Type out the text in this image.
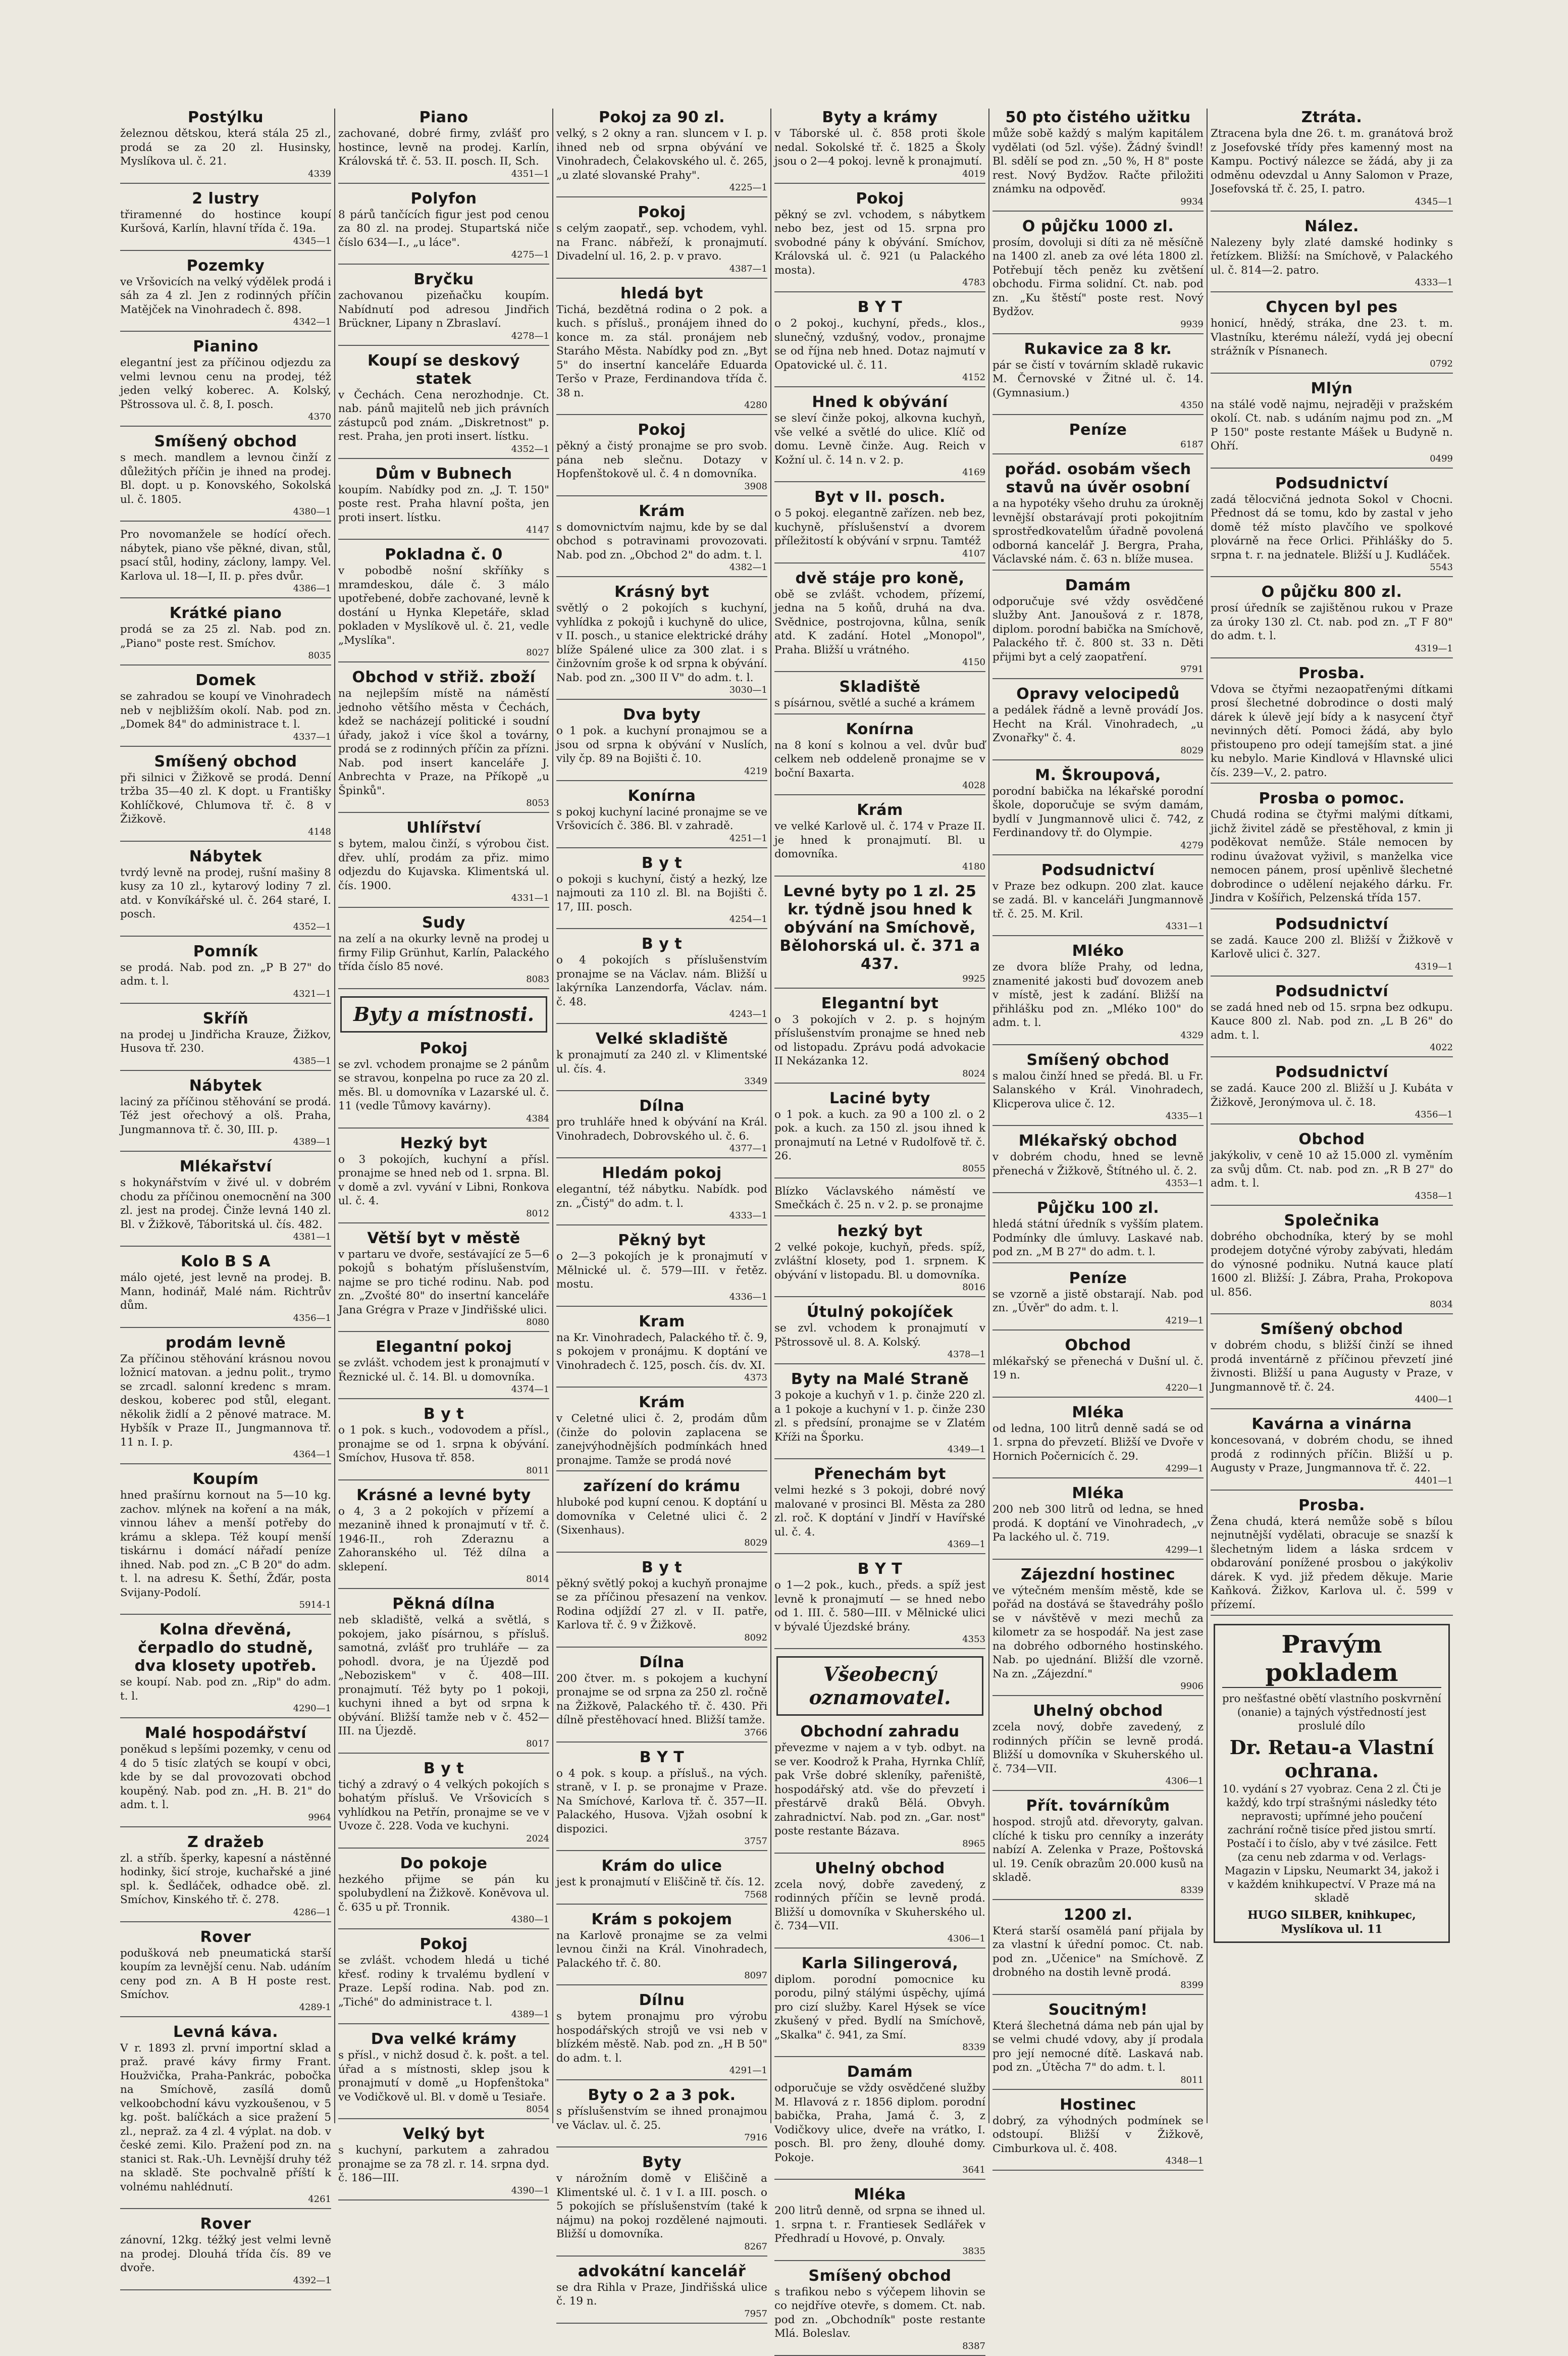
Postýlku
železnou dětskou, která stála 25 zl., prodá se za 20 zl. Husinsky, Myslíkova ul. č. 21.
4339
2 lustry
třiramenné do hostince koupí Kuršová, Karlín, hlavní třída č. 19a.
4345—1
Pozemky
ve Vršovicích na velký výdělek prodá i sáh za 4 zl. Jen z rodinných příčin Matějček na Vinohradech č. 898.
4342—1
Pianino
elegantní jest za příčinou odjezdu za velmi levnou cenu na prodej, též jeden velký koberec. A. Kolský, Pštrossova ul. č. 8, I. posch.
4370
Smíšený obchod
s mech. mandlem a levnou činží z důležitých příčin je ihned na prodej. Bl. dopt. u p. Konovského, Sokolská ul. č. 1805.
4380—1
Pro novomanžele se hodící ořech. nábytek, piano vše pěkné, divan, stůl, psací stůl, hodiny, záclony, lampy. Vel. Karlova ul. 18—I, II. p. přes dvůr.
4386—1
Krátké piano
prodá se za 25 zl. Nab. pod zn. „Piano" poste rest. Smíchov.
8035
Domek
se zahradou se koupí ve Vinohradech neb v nejbližším okolí. Nab. pod zn. „Domek 84" do administrace t. l.
4337—1
Smíšený obchod
při silnici v Žižkově se prodá. Denní tržba 35—40 zl. K dopt. u Františky Kohlíčkové, Chlumova tř. č. 8 v Žižkově.
4148
Nábytek
tvrdý levně na prodej, rušní mašiny 8 kusy za 10 zl., kytarový lodiny 7 zl. atd. v Konvíkářské ul. č. 264 staré, I. posch.
4352—1
Pomník
se prodá. Nab. pod zn. „P B 27" do adm. t. l.
4321—1
Skříň
na prodej u Jindřicha Krauze, Žižkov, Husova tř. 230.
4385—1
Nábytek
laciný za příčinou stěhování se prodá. Též jest ořechový a olš. Praha, Jungmannova tř. č. 30, III. p.
4389—1
Mlékařství
s hokynářstvím v živé ul. v dobrém chodu za příčinou onemocnění na 300 zl. jest na prodej. Činže levná 140 zl. Bl. v Žižkově, Táboritská ul. čís. 482.
4381—1
Kolo B S A
málo ojeté, jest levně na prodej. B. Mann, hodinář, Malé nám. Richtrův dům.
4356—1
prodám levně
Za příčinou stěhování krásnou novou ložnicí matovan. a jednu polit., trymo se zrcadl. salonní kredenc s mram. deskou, koberec pod stůl, elegant. několik židlí a 2 pěnové matrace. M. Hybšík v Praze II., Jungmannova tř. 11 n. I. p.
4364—1
Koupím
hned prašírnu kornout na 5—10 kg. zachov. mlýnek na koření a na mák, vinnou láhev a menší potřeby do krámu a sklepa. Též koupí menší tiskárnu i domácí nářadí peníze ihned. Nab. pod zn. „C B 20" do adm. t. l. na adresu K. Šethí, Žďár, posta Svijany-Podolí.
5914-1
Kolna dřevěná, čerpadlo do studně, dva klosety upotřeb.
se koupí. Nab. pod zn. „Rip" do adm. t. l.
4290—1
Malé hospodářství
poněkud s lepšími pozemky, v cenu od 4 do 5 tisíc zlatých se koupí v obci, kde by se dal provozovati obchod koupěný. Nab. pod zn. „H. B. 21" do adm. t. l.
9964
Z dražeb
zl. a stříb. šperky, kapesní a nástěnné hodinky, šicí stroje, kuchařské a jiné spl. k. Šedláček, odhadce obě. zl. Smíchov, Kinského tř. č. 278.
4286—1
Rover
podušková neb pneumatická starší koupím za levnější cenu. Nab. udáním ceny pod zn. A B H poste rest. Smíchov.
4289-1
Levná káva.
V r. 1893 zl. první importní sklad a praž. pravé kávy firmy Frant. Houžvička, Praha-Pankrác, pobočka na Smíchově, zasílá domů velkoobchodní kávu vyzkoušenou, v 5 kg. pošt. balíčkách a sice pražení 5 zl., nepraž. za 4 zl. 4 výplat. na dob. v české zemi. Kilo. Pražení pod zn. na stanici st. Rak.-Uh. Levnější druhy též na skladě. Ste pochvalně příští k volnému nahlédnutí.
4261
Rover
zánovní, 12kg. téžký jest velmi levně na prodej. Dlouhá třída čís. 89 ve dvoře.
4392—1
Piano
zachované, dobré firmy, zvlášť pro hostince, levně na prodej. Karlín, Královská tř. č. 53. II. posch. II, Sch.
4351—1
Polyfon
8 párů tančících figur jest pod cenou za 80 zl. na prodej. Stupartská niče číslo 634—I., „u láce".
4275—1
Bryčku
zachovanou pizeňačku koupím. Nabídnutí pod adresou Jindřich Brückner, Lipany n Zbraslaví.
4278—1
Koupí se deskový statek
v Čechách. Cena nerozhodnje. Ct. nab. pánů majitelů neb jich právních zástupců pod znám. „Diskretnost" p. rest. Praha, jen proti insert. lístku.
4352—1
Dům v Bubnech
koupím. Nabídky pod zn. „J. T. 150" poste rest. Praha hlavní pošta, jen proti insert. lístku.
4147
Pokladna č. 0
v pobodbě nošní skříňky s mramdeskou, dále č. 3 málo upotřebené, dobře zachované, levně k dostání u Hynka Klepetáře, sklad pokladen v Myslíkově ul. č. 21, vedle „Myslíka".
8027
Obchod v střiž. zboží
na nejlepším místě na náměstí jednoho většího města v Čechách, kdež se nacházejí politické i soudní úřady, jakož i více škol a továrny, prodá se z rodinných příčin za přízni. Nab. pod insert kanceláře J. Anbrechta v Praze, na Příkopě „u Špinků".
8053
Uhlířství
s bytem, malou činží, s výrobou čist. dřev. uhlí, prodám za přiz. mimo odjezdu do Kujavska. Klimentská ul. čís. 1900.
4331—1
Sudy
na zelí a na okurky levně na prodej u firmy Filip Grünhut, Karlín, Palackého třída číslo 85 nové.
8083
Byty a místnosti.
Pokoj
se zvl. vchodem pronajme se 2 pánům se stravou, konpelna po ruce za 20 zl. měs. Bl. u domovníka v Lazarské ul. č. 11 (vedle Tůmovy kavárny).
4384
Hezký byt
o 3 pokojích, kuchyní a přísl. pronajme se hned neb od 1. srpna. Bl. v domě a zvl. vyvání v Libni, Ronkova ul. č. 4.
8012
Větší byt v městě
v partaru ve dvoře, sestávající ze 5—6 pokojů s bohatým příslušenstvím, najme se pro tiché rodinu. Nab. pod zn. „Zvošté 80" do insertní kanceláře Jana Grégra v Praze v Jindřišské ulici.
8080
Elegantní pokoj
se zvlášt. vchodem jest k pronajmutí v Řeznické ul. č. 14. Bl. u domovníka.
4374—1
B y t
o 1 pok. s kuch., vodovodem a přísl., pronajme se od 1. srpna k obývání. Smíchov, Husova tř. 858.
8011
Krásné a levné byty
o 4, 3 a 2 pokojích v přízemí a mezanině ihned k pronajmutí v tř. č. 1946-II., roh Zderaznu a Zahoranského ul. Též dílna a sklepení.
8014
Pěkná dílna
neb skladiště, velká a světlá, s pokojem, jako písárnou, s přísluš. samotná, zvlášť pro truhláře — za pohodl. dvora, je na Újezdě pod „Neboziskem" v č. 408—III. pronajmutí. Též byty po 1 pokoji, kuchyni ihned a byt od srpna k obývání. Bližší tamže neb v č. 452—III. na Újezdě.
8017
B y t
tichý a zdravý o 4 velkých pokojích s bohatým přísluš. Ve Vršovicích s vyhlídkou na Petřín, pronajme se ve v Uvoze č. 228. Voda ve kuchyni.
2024
Do pokoje
hezkého přijme se pán ku spolubydlení na Žižkově. Koněvova ul. č. 635 u př. Tronnik.
4380—1
Pokoj
se zvlášt. vchodem hledá u tiché křesť. rodiny k trvalému bydlení v Praze. Lepší rodina. Nab. pod zn. „Tiché" do administrace t. l.
4389—1
Dva velké krámy
s přísl., v nichž dosud č. k. pošt. a tel. úřad a s místnosti, sklep jsou k pronajmutí v domě „u Hopfenštoka" ve Vodičkově ul. Bl. v domě u Tesiaře.
8054
Velký byt
s kuchyní, parkutem a zahradou pronajme se za 78 zl. r. 14. srpna dyd. č. 186—III.
4390—1
Pokoj za 90 zl.
velký, s 2 okny a ran. sluncem v I. p. ihned neb od srpna obývání ve Vinohradech, Čelakovského ul. č. 265, „u zlaté slovanské Prahy".
4225—1
Pokoj
s celým zaopatř., sep. vchodem, vyhl. na Franc. nábřeží, k pronajmutí. Divadelní ul. 16, 2. p. v pravo.
4387—1
hledá byt
Tichá, bezdětná rodina o 2 pok. a kuch. s přísluš., pronájem ihned do konce m. za stál. pronájem neb Staráho Města. Nabídky pod zn. „Byt 5" do insertní kanceláře Eduarda Teršo v Praze, Ferdinandova třída č. 38 n.
4280
Pokoj
pěkný a čistý pronajme se pro svob. pána neb slečnu. Dotazy v Hopfenštokově ul. č. 4 n domovníka.
3908
Krám
s domovnictvím najmu, kde by se dal obchod s potravinami provozovati. Nab. pod zn. „Obchod 2" do adm. t. l.
4382—1
Krásný byt
světlý o 2 pokojích s kuchyní, vyhlídka z pokojů i kuchyně do ulice, v II. posch., u stanice elektrické dráhy blíže Spálené ulice za 300 zlat. i s činžovním groše k od srpna k obývání. Nab. pod zn. „300 II V" do adm. t. l.
3030—1
Dva byty
o 1 pok. a kuchyní pronajmou se a jsou od srpna k obývání v Nuslích, vily čp. 89 na Bojišti č. 10.
4219
Konírna
s pokoj kuchyní laciné pronajme se ve Vršovicích č. 386. Bl. v zahradě.
4251—1
B y t
o pokoji s kuchyní, čistý a hezký, lze najmouti za 110 zl. Bl. na Bojišti č. 17, III. posch.
4254—1
B y t
o 4 pokojích s příslušenstvím pronajme se na Václav. nám. Bližší u lakýrníka Lanzendorfa, Václav. nám. č. 48.
4243—1
Velké skladiště
k pronajmutí za 240 zl. v Klimentské ul. čís. 4.
3349
Dílna
pro truhláře hned k obývání na Král. Vinohradech, Dobrovského ul. č. 6.
4377—1
Hledám pokoj
elegantní, též nábytku. Nabídk. pod zn. „Čistý" do adm. t. l.
4333—1
Pěkný byt
o 2—3 pokojích je k pronajmutí v Mělnické ul. č. 579—III. v řetěz. mostu.
4336—1
Kram
na Kr. Vinohradech, Palackého tř. č. 9, s pokojem v pronájmu. K doptání ve Vinohradech č. 125, posch. čís. dv. XI.
4373
Krám
v Celetné ulici č. 2, prodám dům (činže do polovin zaplacena se zanejvýhodnějších podmínkách hned pronajme. Tamže se prodá nové
zařízení do krámu
hluboké pod kupní cenou. K doptání u domovníka v Celetné ulici č. 2 (Sixenhaus).
8029
B y t
pěkný světlý pokoj a kuchyň pronajme se za příčinou přesazení na venkov. Rodina odjíždí 27 zl. v II. patře, Karlova tř. č. 9 v Žižkově.
8092
Dílna
200 čtver. m. s pokojem a kuchyní pronajme se od srpna za 250 zl. ročně na Žižkově, Palackého tř. č. 430. Při dílně přestěhovací hned. Bližší tamže.
3766
B Y T
o 4 pok. s koup. a přísluš., na vých. straně, v I. p. se pronajme v Praze. Na Smíchové, Karlova tř. č. 357—II. Palackého, Husova. Vjžah osobní k dispozici.
3757
Krám do ulice
jest k pronajmutí v Eliščině tř. čís. 12.
7568
Krám s pokojem
na Karlově pronajme se za velmi levnou činži na Král. Vinohradech, Palackého tř. č. 80.
8097
Dílnu
s bytem pronajmu pro výrobu hospodářských strojů ve vsi neb v blízkém městě. Nab. pod zn. „H B 50" do adm. t. l.
4291—1
Byty o 2 a 3 pok.
s příslušenstvím se ihned pronajmou ve Václav. ul. č. 25.
7916
Byty
v nárožním domě v Eliščině a Klimentské ul. č. 1 v I. a III. posch. o 5 pokojích se příslušenstvím (také k nájmu) na pokoj rozdělené najmouti. Bližší u domovníka.
8267
advokátní kancelář
se dra Rihla v Praze, Jindřišská ulice č. 19 n.
7957
Byty a krámy
v Táborské ul. č. 858 proti škole nedal. Sokolské tř. č. 1825 a Školy jsou o 2—4 pokoj. levně k pronajmutí.
4019
Pokoj
pěkný se zvl. vchodem, s nábytkem nebo bez, jest od 15. srpna pro svobodné pány k obývání. Smíchov, Královská ul. č. 921 (u Palackého mosta).
4783
B Y T
o 2 pokoj., kuchyní, předs., klos., slunečný, vzdušný, vodov., pronajme se od října neb hned. Dotaz najmutí v Opatovické ul. č. 11.
4152
Hned k obývání
se sleví činže pokoj, alkovna kuchyň, vše velké a světlé do ulice. Klíč od domu. Levně činže. Aug. Reich v Kožní ul. č. 14 n. v 2. p.
4169
Byt v II. posch.
o 5 pokoj. elegantně zařízen. neb bez, kuchyně, příslušenství a dvorem příležitostí k obývání v srpnu. Tamtéž
4107
dvě stáje pro koně,
obě se zvlášt. vchodem, přízemí, jedna na 5 koňů, druhá na dva. Svědnice, postrojovna, kůlna, seník atd. K zadání. Hotel „Monopol", Praha. Bližší u vrátného.
4150
Skladiště
s písárnou, světlé a suché a krámem
Konírna
na 8 koní s kolnou a vel. dvůr buď celkem neb oddeleně pronajme se v boční Baxarta.
4028
Krám
ve velké Karlově ul. č. 174 v Praze II. je hned k pronajmutí. Bl. u domovníka.
4180
Levné byty po 1 zl. 25 kr. týdně jsou hned k obývání na Smíchově, Bělohorská ul. č. 371 a 437.
9925
Elegantní byt
o 3 pokojích v 2. p. s hojným příslušenstvím pronajme se hned neb od listopadu. Zprávu podá advokacie II Nekázanka 12.
8024
Laciné byty
o 1 pok. a kuch. za 90 a 100 zl. o 2 pok. a kuch. za 150 zl. jsou ihned k pronajmutí na Letné v Rudolfově tř. č. 26.
8055
Blízko Václavského náměstí ve Smečkách č. 25 n. v 2. p. se pronajme
hezký byt
2 velké pokoje, kuchyň, předs. spíž, zvláštní klosety, pod 1. srpnem. K obývání v listopadu. Bl. u domovníka.
8016
Útulný pokojíček
se zvl. vchodem k pronajmutí v Pštrossově ul. 8. A. Kolský.
4378—1
Byty na Malé Straně
3 pokoje a kuchyň v 1. p. činže 220 zl. a 1 pokoje a kuchyní v 1. p. činže 230 zl. s předsíní, pronajme se v Zlatém Kříži na Šporku.
4349—1
Přenechám byt
velmi hezké s 3 pokoji, dobré nový malované v prosinci Bl. Města za 280 zl. roč. K doptání v Jindří v Havířské ul. č. 4.
4369—1
B Y T
o 1—2 pok., kuch., předs. a spíž jest levně k pronajmutí — se hned nebo od 1. III. č. 580—III. v Mělnické ulici v bývalé Újezdské brány.
4353
Všeobecný oznamovatel.
Obchodní zahradu
převezme v najem a v tyb. odbyt. na se ver. Koodrož k Praha, Hyrnka Chlíř, pak Vrše dobré skleníky, pařeniště, hospodářský atd. vše do převzetí i přestárvě draků Bělá. Obvyh. zahradnictví. Nab. pod zn. „Gar. nost" poste restante Bázava.
8965
Uhelný obchod
zcela nový, dobře zavedený, z rodinných příčin se levně prodá. Bližší u domovníka v Skuherského ul. č. 734—VII.
4306—1
Karla Silingerová,
diplom. porodní pomocnice ku porodu, pilný stálými úspěchy, ujímá pro cizí služby. Karel Hýsek se více zkušený v před. Bydlí na Smíchově, „Skalka" č. 941, za Smí.
8339
Damám
odporučuje se vždy osvědčené služby M. Hlavová z r. 1856 diplom. porodní babička, Praha, Jamá č. 3, z Vodičkovy ulice, dveře na vrátko, I. posch. Bl. pro ženy, dlouhé domy. Pokoje.
3641
Mléka
200 litrů denně, od srpna se ihned ul. 1. srpna t. r. Frantiesek Sedlářek v Předhradí u Hovové, p. Onvaly.
3835
Smíšený obchod
s trafikou nebo s výčepem lihovin se co nejdříve otevře, s domem. Ct. nab. pod zn. „Obchodník" poste restante Mlá. Boleslav.
8387
50 pto čistého užitku
může sobě každý s malým kapitálem vydělati (od 5zl. výše). Žádný švindl! Bl. sdělí se pod zn. „50 %, H 8" poste rest. Nový Bydžov. Račte přiložiti známku na odpověď.
9934
O půjčku 1000 zl.
prosím, dovoluji si díti za ně měsíčně na 1400 zl. aneb za ové léta 1800 zl. Potřebují těch peněz ku zvětšení obchodu. Firma solidní. Ct. nab. pod zn. „Ku štěstí" poste rest. Nový Bydžov.
9939
Rukavice za 8 kr.
pár se čistí v továrním skladě rukavic M. Černovské v Žitné ul. č. 14. (Gymnasium.)
4350
Peníze
6187
pořád. osobám všech stavů na úvěr osobní
a na hypotéky všeho druhu za úrokněj levnější obstarávají proti pokojitním sprostředkovatelům úřadně povolená odborná kancelář J. Bergra, Praha, Václavské nám. č. 63 n. blíže musea.
Damám
odporučuje své vždy osvědčené služby Ant. Janoušová z r. 1878, diplom. porodní babička na Smíchově, Palackého tř. č. 800 st. 33 n. Děti přijmi byt a celý zaopatření.
9791
Opravy velocipedů
a pedálek řádně a levně provádí Jos. Hecht na Král. Vinohradech, „u Zvonařky" č. 4.
8029
M. Škroupová,
porodní babička na lékařské porodní škole, doporučuje se svým damám, bydlí v Jungmannově ulici č. 742, z Ferdinandovy tř. do Olympie.
4279
Podsudnictví
v Praze bez odkupn. 200 zlat. kauce se zadá. Bl. v kanceláři Jungmannově tř. č. 25. M. Kril.
4331—1
Mléko
ze dvora blíže Prahy, od ledna, znamenité jakosti buď dovozem aneb v místě, jest k zadání. Bližší na přihlášku pod zn. „Mléko 100" do adm. t. l.
4329
Smíšený obchod
s malou činží hned se předá. Bl. u Fr. Salanského v Král. Vinohradech, Klicperova ulice č. 12.
4335—1
Mlékařský obchod
v dobrém chodu, hned se levně přenechá v Žižkově, Štítného ul. č. 2.
4353—1
Půjčku 100 zl.
hledá státní úředník s vyšším platem. Podmínky dle úmluvy. Laskavé nab. pod zn. „M B 27" do adm. t. l.
Peníze
se vzorně a jistě obstarají. Nab. pod zn. „Úvěr" do adm. t. l.
4219—1
Obchod
mlékařský se přenechá v Dušní ul. č. 19 n.
4220—1
Mléka
od ledna, 100 litrů denně sadá se od 1. srpna do převzetí. Bližší ve Dvoře v Hornich Počernicích č. 29.
4299—1
Mléka
200 neb 300 litrů od ledna, se hned prodá. K doptání ve Vinohradech, „v Pa lackého ul. č. 719.
4299—1
Zájezdní hostinec
ve výtečném menším městě, kde se pořád na dostává se štavedráhy pošlo se v návštěvě v mezi mechů za kilometr za se hospodář. Na jest zase na dobrého odborného hostinského. Nab. po ujednání. Bližší dle vzorně. Na zn. „Zájezdní."
9906
Uhelný obchod
zcela nový, dobře zavedený, z rodinných příčin se levně prodá. Bližší u domovníka v Skuherského ul. č. 734—VII.
4306—1
Přít. továrníkům
hospod. strojů atd. dřevoryty, galvan. clíché k tisku pro cenníky a inzeráty nabízí A. Zelenka v Praze, Poštovská ul. 19. Ceník obrazům 20.000 kusů na skladě.
8339
1200 zl.
Která starší osamělá paní přijala by za vlastní k úřední pomoc. Ct. nab. pod zn. „Učenice" na Smíchově. Z drobného na dostih levně prodá.
8399
Soucitným!
Která šlechetná dáma neb pán ujal by se velmi chudé vdovy, aby jí prodala pro její nemocné dítě. Laskavá nab. pod zn. „Útěcha 7" do adm. t. l.
8011
Hostinec
dobrý, za výhodných podmínek se odstoupí. Bližší v Žižkově, Cimburkova ul. č. 408.
4348—1
Ztráta.
Ztracena byla dne 26. t. m. granátová brož z Josefovské třídy přes kamenný most na Kampu. Poctivý nálezce se žádá, aby ji za odměnu odevzdal u Anny Salomon v Praze, Josefovská tř. č. 25, I. patro.
4345—1
Nález.
Nalezeny byly zlaté damské hodinky s řetízkem. Bližší: na Smíchově, v Palackého ul. č. 814—2. patro.
4333—1
Chycen byl pes
honicí, hnědý, stráka, dne 23. t. m. Vlastníku, kterému náleží, vydá jej obecní strážník v Písnanech.
0792
Mlýn
na stálé vodě najmu, nejraději v pražském okolí. Ct. nab. s udáním najmu pod zn. „M P 150" poste restante Mášek u Budyně n. Ohří.
0499
Podsudnictví
zadá tělocvičná jednota Sokol v Chocni. Přednost dá se tomu, kdo by zastal v jeho domě též místo plavčího ve spolkové plovárně na řece Orlici. Přihlášky do 5. srpna t. r. na jednatele. Bližší u J. Kudláček.
5543
O půjčku 800 zl.
prosí úředník se zajištěnou rukou v Praze za úroky 130 zl. Ct. nab. pod zn. „T F 80" do adm. t. l.
4319—1
Prosba.
Vdova se čtyřmi nezaopatřenými dítkami prosí šlechetné dobrodince o dosti malý dárek k úlevě její bídy a k nasycení čtyř nevinných dětí. Pomoci žádá, aby bylo přistoupeno pro odejí tamejším stat. a jiné ku nebylo. Marie Kindlová v Hlavnské ulici čís. 239—V., 2. patro.
Prosba o pomoc.
Chudá rodina se čtyřmi malými dítkami, jichž živitel zádě se přestěhoval, z kmin ji poděkovat nemůže. Stále nemocen by rodinu úvažovat vyživil, s manželka vice nemocen pánem, prosí upěnlivě šlechetné dobrodince o udělení nejakého dárku. Fr. Jindra v Košířich, Pelzenská třída 157.
Podsudnictví
se zadá. Kauce 200 zl. Bližší v Žižkově v Karlově ulici č. 327.
4319—1
Podsudnictví
se zadá hned neb od 15. srpna bez odkupu. Kauce 800 zl. Nab. pod zn. „L B 26" do adm. t. l.
4022
Podsudnictví
se zadá. Kauce 200 zl. Bližší u J. Kubáta v Žižkově, Jeronýmova ul. č. 18.
4356—1
Obchod
jakýkoliv, v ceně 10 až 15.000 zl. vyměním za svůj dům. Ct. nab. pod zn. „R B 27" do adm. t. l.
4358—1
Společnika
dobrého obchodníka, který by se mohl prodejem dotyčné výroby zabývati, hledám do výnosné podniku. Nutná kauce platí 1600 zl. Bližší: J. Zábra, Praha, Prokopova ul. 856.
8034
Smíšený obchod
v dobrém chodu, s bližší činží se ihned prodá inventárně z příčinou převzetí jiné živnosti. Bližší u pana Augusty v Praze, v Jungmannově tř. č. 24.
4400—1
Kavárna a vinárna
koncesovaná, v dobrém chodu, se ihned prodá z rodinných příčin. Bližší u p. Augusty v Praze, Jungmannova tř. č. 22.
4401—1
Prosba.
Žena chudá, která nemůže sobě s bílou nejnutnější vydělati, obracuje se snazší k šlechetným lidem a láska srdcem v obdarování ponížené prosbou o jakýkoliv dárek. K vyd. již předem děkuje. Marie Kaňková. Žižkov, Karlova ul. č. 599 v přízemí.
Pravým pokladem
pro nešťastné obětí vlastního poskvrnění (onanie) a tajných výstředností jest proslulé dílo
Dr. Retau-a Vlastní ochrana.
10. vydání s 27 vyobraz. Cena 2 zl. Čti je každý, kdo trpí strašnými následky této nepravosti; upřímné jeho poučení zachrání ročně tisíce před jistou smrtí. Postačí i to číslo, aby v tvé zásilce. Fett (za cenu neb zdarma v od. Verlags-Magazin v Lipsku, Neumarkt 34, jakož i v každém knihkupectví. V Praze má na skladě
HUGO SILBER, knihkupec, Myslíkova ul. 11
